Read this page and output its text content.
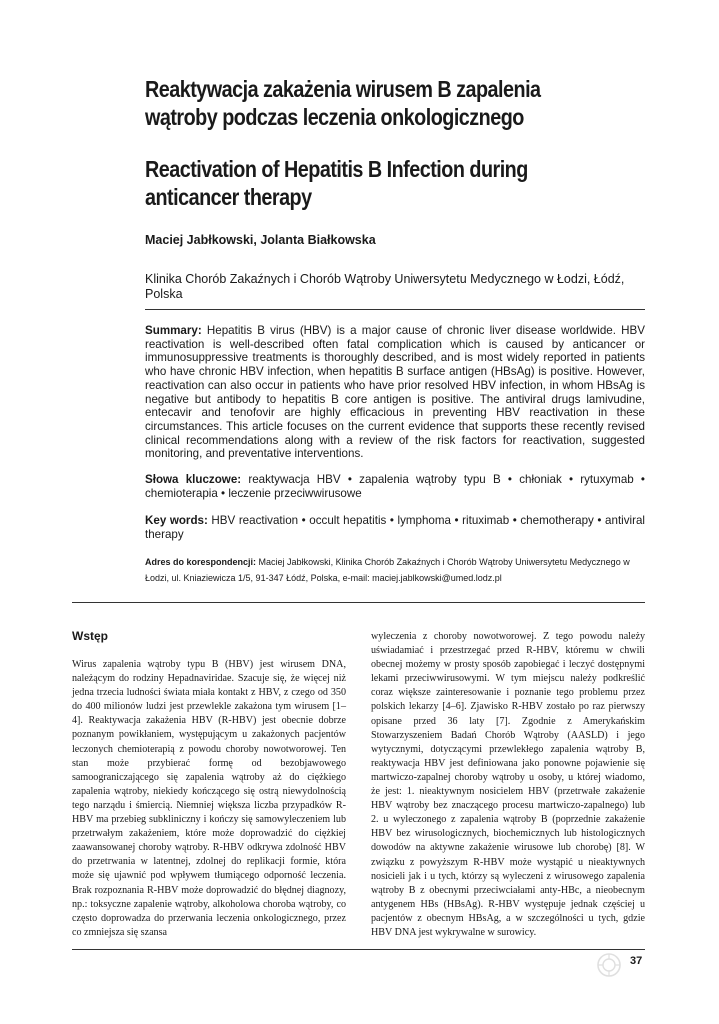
Reaktywacja zakażenia wirusem B zapalenia
wątroby podczas leczenia onkologicznego
Reactivation of Hepatitis B Infection during
anticancer therapy
Maciej Jabłkowski, Jolanta Białkowska
Klinika Chorób Zakaźnych i Chorób Wątroby Uniwersytetu Medycznego w Łodzi, Łódź, Polska
Summary: Hepatitis B virus (HBV) is a major cause of chronic liver disease worldwide. HBV reactivation is well-described often fatal complication which is caused by anticancer or immunosuppressive treatments is thoroughly described, and is most widely reported in patients who have chronic HBV infection, when hepatitis B surface antigen (HBsAg) is positive. However, reactivation can also occur in patients who have prior resolved HBV infection, in whom HBsAg is negative but antibody to hepatitis B core antigen is positive. The antiviral drugs lamivudine, entecavir and tenofovir are highly efficacious in preventing HBV reactivation in these circumstances. This article focuses on the current evidence that supports these recently revised clinical recommendations along with a review of the risk factors for reactivation, suggested monitoring, and preventative interventions.
Słowa kluczowe: reaktywacja HBV • zapalenia wątroby typu B • chłoniak • rytuxymab • chemioterapia • leczenie przeciwwirusowe
Key words: HBV reactivation • occult hepatitis • lymphoma • rituximab • chemotherapy • antiviral therapy
Adres do korespondencji: Maciej Jabłkowski, Klinika Chorób Zakaźnych i Chorób Wątroby Uniwersytetu Medycznego w Łodzi, ul. Kniaziewicza 1/5, 91-347 Łódź, Polska, e-mail: maciej.jablkowski@umed.lodz.pl
Wstęp
Wirus zapalenia wątroby typu B (HBV) jest wirusem DNA, należącym do rodziny Hepadnaviridae. Szacuje się, że więcej niż jedna trzecia ludności świata miała kontakt z HBV, z czego od 350 do 400 milionów ludzi jest przewlekle zakażona tym wirusem [1–4]. Reaktywacja zakażenia HBV (R-HBV) jest obecnie dobrze poznanym powikłaniem, występującym u zakażonych pacjentów leczonych chemioterapią z powodu choroby nowotworowej. Ten stan może przybierać formę od bezobjawowego samoograniczającego się zapalenia wątroby aż do ciężkiego zapalenia wątroby, niekiedy kończącego się ostrą niewydolnością tego narządu i śmiercią. Niemniej większa liczba przypadków R-HBV ma przebieg subkliniczny i kończy się samowyleczeniem lub przetrwałym zakażeniem, które może doprowadzić do ciężkiej zaawansowanej choroby wątroby. R-HBV odkrywa zdolność HBV do przetrwania w latentnej, zdolnej do replikacji formie, która może się ujawnić pod wpływem tłumiącego odporność leczenia. Brak rozpoznania R-HBV może doprowadzić do błędnej diagnozy, np.: toksyczne zapalenie wątroby, alkoholowa choroba wątroby, co często doprowadza do przerwania leczenia onkologicznego, przez co zmniejsza się szansa
wyleczenia z choroby nowotworowej. Z tego powodu należy uświadamiać i przestrzegać przed R-HBV, któremu w chwili obecnej możemy w prosty sposób zapobiegać i leczyć dostępnymi lekami przeciwwirusowymi. W tym miejscu należy podkreślić coraz większe zainteresowanie i poznanie tego problemu przez polskich lekarzy [4–6]. Zjawisko R-HBV zostało po raz pierwszy opisane przed 36 laty [7]. Zgodnie z Amerykańskim Stowarzyszeniem Badań Chorób Wątroby (AASLD) i jego wytycznymi, dotyczącymi przewlekłego zapalenia wątroby B, reaktywacja HBV jest definiowana jako ponowne pojawienie się martwiczo-zapalnej choroby wątroby u osoby, u której wiadomo, że jest: 1. nieaktywnym nosicielem HBV (przetrwałe zakażenie HBV wątroby bez znaczącego procesu martwiczo-zapalnego) lub 2. u wyleczonego z zapalenia wątroby B (poprzednie zakażenie HBV bez wirusologicznych, biochemicznych lub histologicznych dowodów na aktywne zakażenie wirusowe lub chorobę) [8]. W związku z powyższym R-HBV może wystąpić u nieaktywnych nosicieli jak i u tych, którzy są wyleczeni z wirusowego zapalenia wątroby B z obecnymi przeciwciałami anty-HBc, a nieobecnym antygenem HBs (HBsAg). R-HBV występuje jednak częściej u pacjentów z obecnym HBsAg, a w szczególności u tych, gdzie HBV DNA jest wykrywalne w surowicy.
37
